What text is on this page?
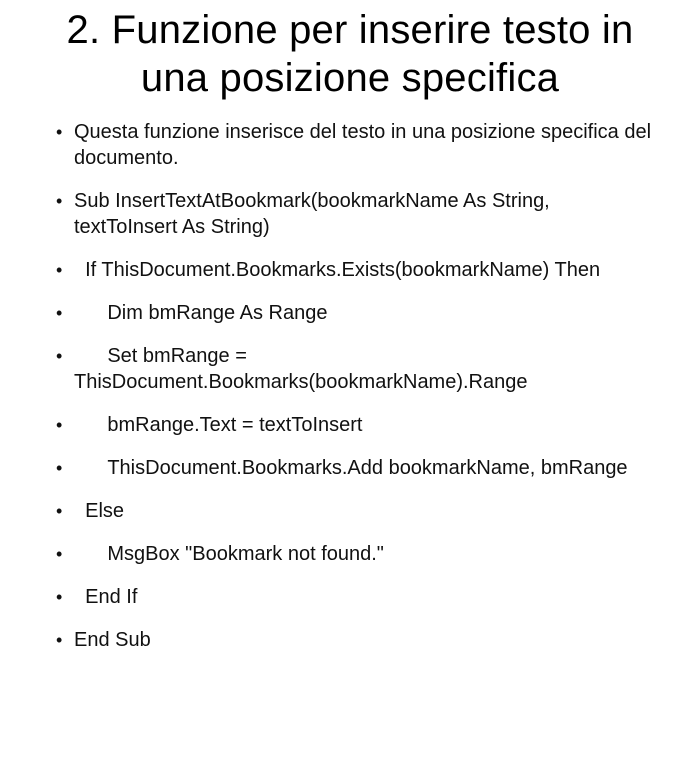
2. Funzione per inserire testo in una posizione specifica
• Questa funzione inserisce del testo in una posizione specifica del documento.
• Sub InsertTextAtBookmark(bookmarkName As String, textToInsert As String)
•   If ThisDocument.Bookmarks.Exists(bookmarkName) Then
•       Dim bmRange As Range
•       Set bmRange = ThisDocument.Bookmarks(bookmarkName).Range
•       bmRange.Text = textToInsert
•       ThisDocument.Bookmarks.Add bookmarkName, bmRange
•   Else
•       MsgBox "Bookmark not found."
•   End If
• End Sub
